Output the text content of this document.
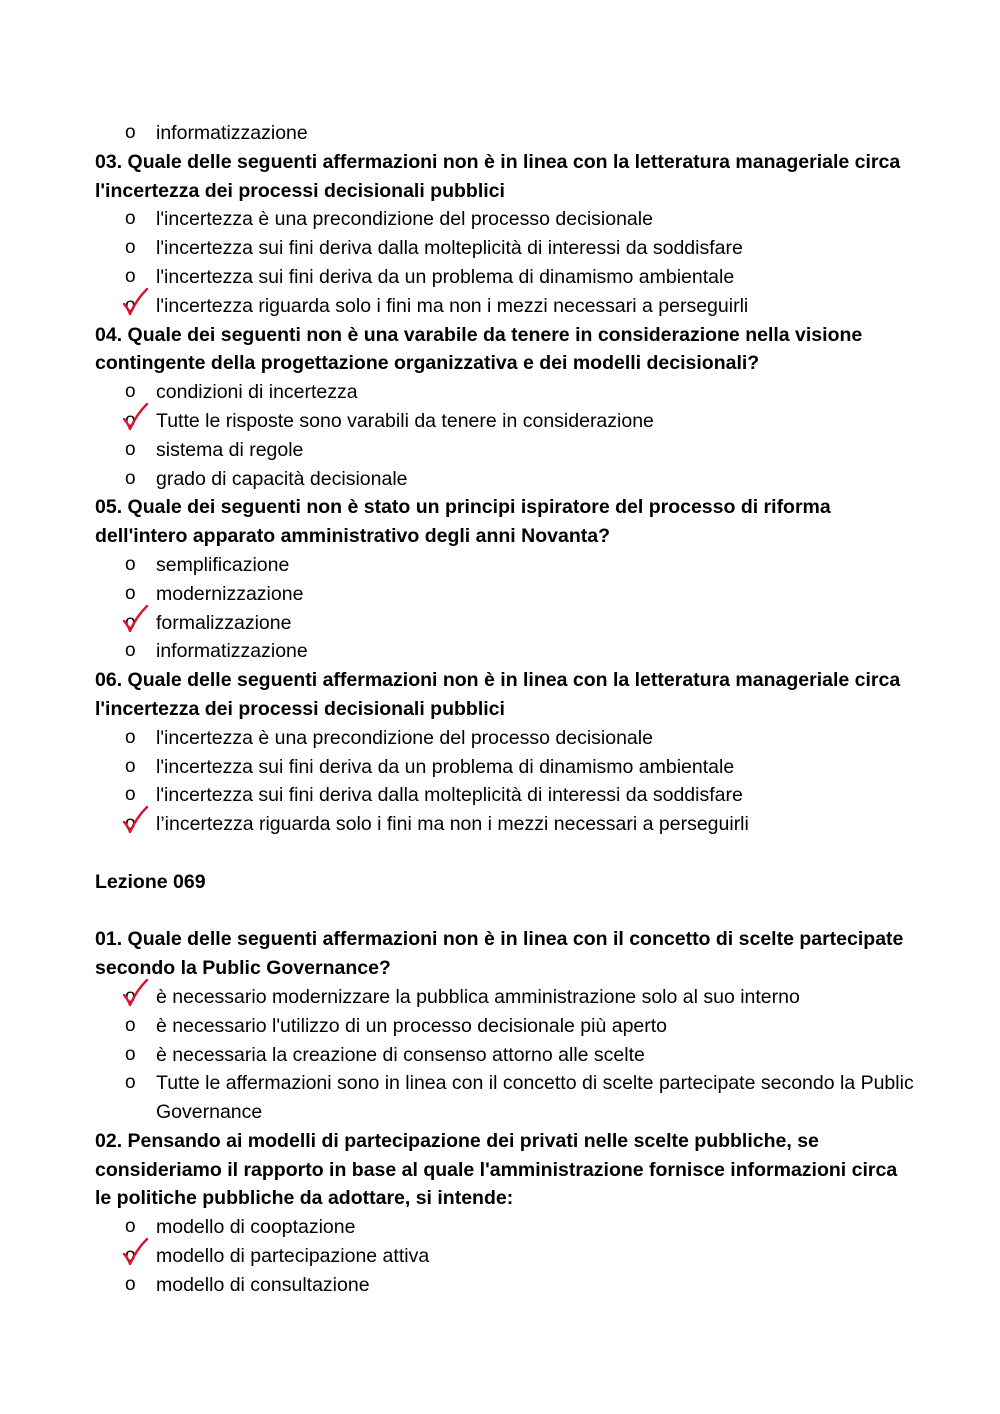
o informatizzazione

03. Quale delle seguenti affermazioni non è in linea con la letteratura manageriale circa l'incertezza dei processi decisionali pubblici

o l'incertezza è una precondizione del processo decisionale

o l'incertezza sui fini deriva dalla molteplicità di interessi da soddisfare

o l'incertezza sui fini deriva da un problema di dinamismo ambientale

o l'incertezza riguarda solo i fini ma non i mezzi necessari a perseguirli

04. Quale dei seguenti non è una varabile da tenere in considerazione nella visione contingente della progettazione organizzativa e dei modelli decisionali?

o condizioni di incertezza

o Tutte le risposte sono varabili da tenere in considerazione

o sistema di regole

o grado di capacità decisionale

05. Quale dei seguenti non è stato un principi ispiratore del processo di riforma dell'intero apparato amministrativo degli anni Novanta?

o semplificazione

o modernizzazione

o formalizzazione

o informatizzazione

06. Quale delle seguenti affermazioni non è in linea con la letteratura manageriale circa l'incertezza dei processi decisionali pubblici

o l'incertezza è una precondizione del processo decisionale

o l'incertezza sui fini deriva da un problema di dinamismo ambientale

o l'incertezza sui fini deriva dalla molteplicità di interessi da soddisfare

o l’incertezza riguarda solo i fini ma non i mezzi necessari a perseguirli

Lezione 069

01. Quale delle seguenti affermazioni non è in linea con il concetto di scelte partecipate secondo la Public Governance?

o è necessario modernizzare la pubblica amministrazione solo al suo interno

o è necessario l'utilizzo di un processo decisionale più aperto

o è necessaria la creazione di consenso attorno alle scelte

o Tutte le affermazioni sono in linea con il concetto di scelte partecipate secondo la Public Governance

02. Pensando ai modelli di partecipazione dei privati nelle scelte pubbliche, se consideriamo il rapporto in base al quale l'amministrazione fornisce informazioni circa le politiche pubbliche da adottare, si intende:

o modello di cooptazione

o modello di partecipazione attiva

o modello di consultazione
